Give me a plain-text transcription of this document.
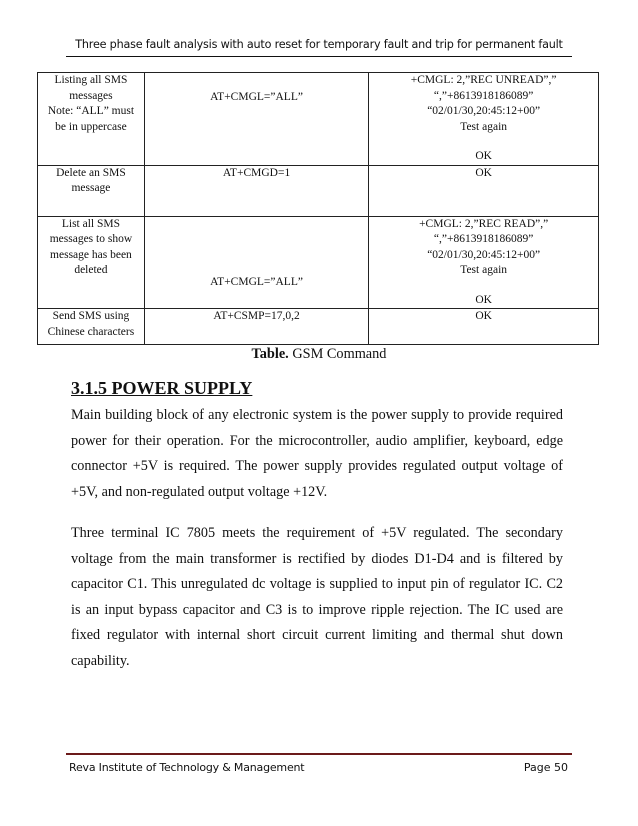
Three phase fault analysis with auto reset for temporary fault and trip for permanent fault
Listing all SMS
messages
Note: “ALL” must
be in uppercase	AT+CMGL=”ALL”	+CMGL: 2,”REC UNREAD”,”
“,”+8613918186089”
“02/01/30,20:45:12+00”
Test again
OK

Delete an SMS
message	AT+CMGD=1	OK

List all SMS
messages to show
message has been
deleted	AT+CMGL=”ALL”	+CMGL: 2,”REC READ”,”
“,”+8613918186089”
“02/01/30,20:45:12+00”
Test again
OK

Send SMS using
Chinese characters	AT+CSMP=17,0,2	OK
Table. GSM Command
3.1.5 POWER SUPPLY
Main building block of any electronic system is the power supply to provide required power for their operation. For the microcontroller, audio amplifier, keyboard, edge connector +5V is required. The power supply provides regulated output voltage of +5V, and non-regulated output voltage +12V.
Three terminal IC 7805 meets the requirement of +5V regulated. The secondary voltage from the main transformer is rectified by diodes D1-D4 and is filtered by capacitor C1. This unregulated dc voltage is supplied to input pin of regulator IC. C2 is an input bypass capacitor and C3 is to improve ripple rejection. The IC used are fixed regulator with internal short circuit current limiting and thermal shut down capability.
Reva Institute of Technology & Management	Page 50
